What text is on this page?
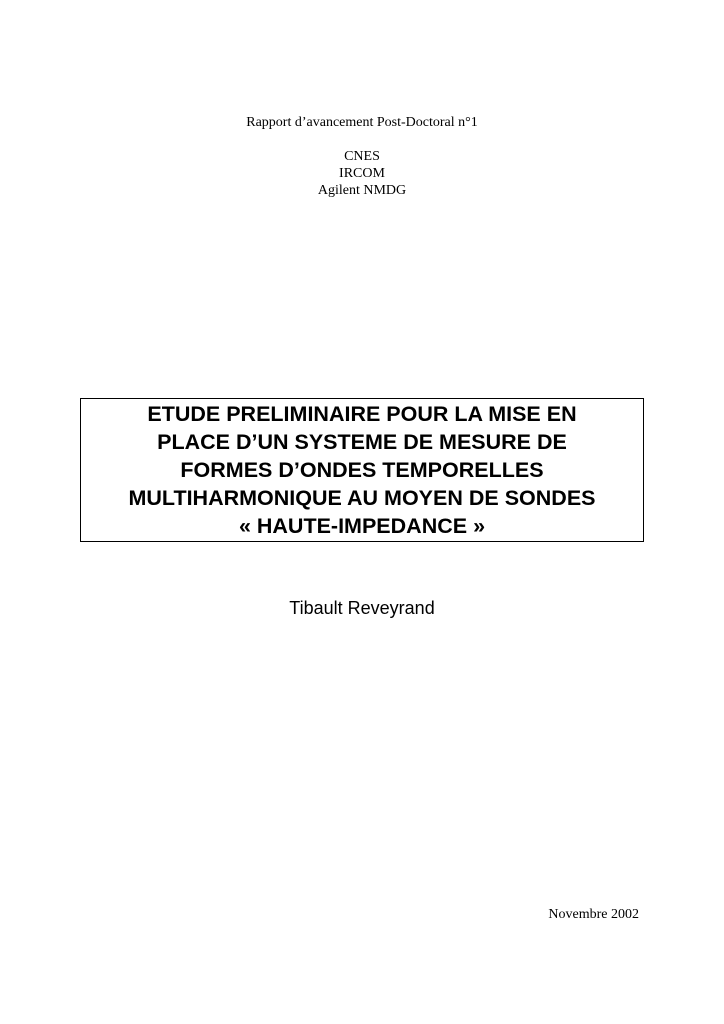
Rapport d’avancement Post-Doctoral n°1
CNES
IRCOM
Agilent NMDG
ETUDE PRELIMINAIRE POUR LA MISE EN
PLACE D’UN SYSTEME DE MESURE DE
FORMES D’ONDES TEMPORELLES
MULTIHARMONIQUE AU MOYEN DE SONDES
« HAUTE-IMPEDANCE »
Tibault Reveyrand
Novembre 2002
